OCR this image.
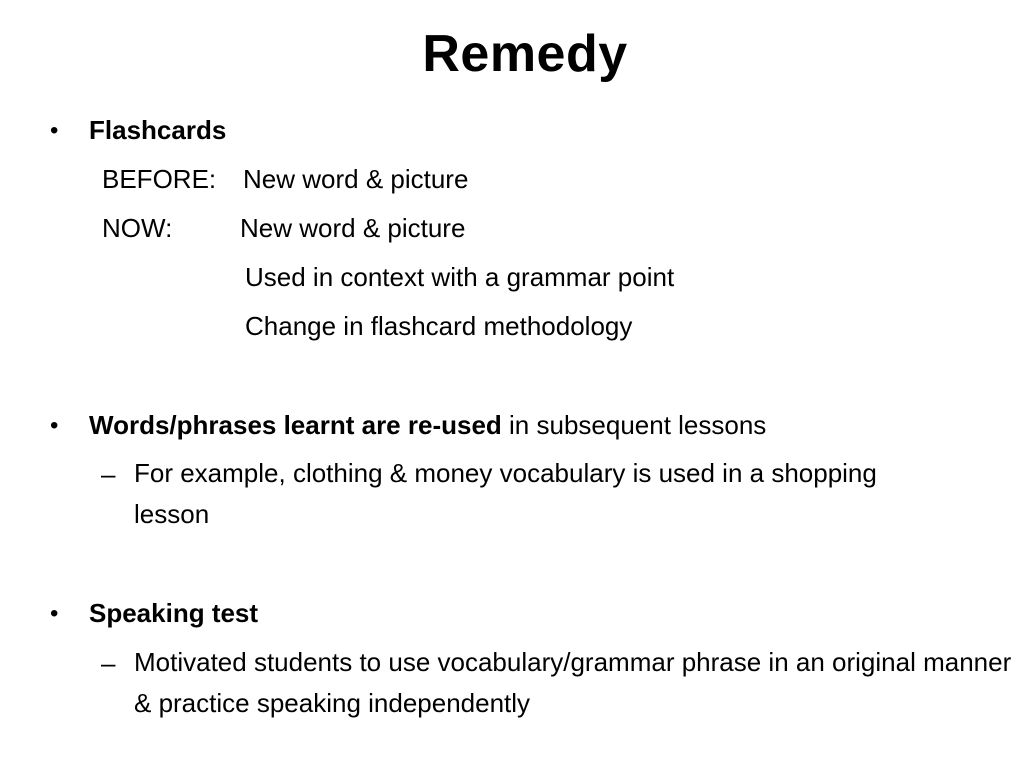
Remedy
• Flashcards
BEFORE: New word & picture
NOW:	New word & picture
Used in context with a grammar point
Change in flashcard methodology
• Words/phrases learnt are re-used in subsequent lessons
– For example, clothing & money vocabulary is used in a shopping lesson
• Speaking test
– Motivated students to use vocabulary/grammar phrase in an original manner & practice speaking independently
